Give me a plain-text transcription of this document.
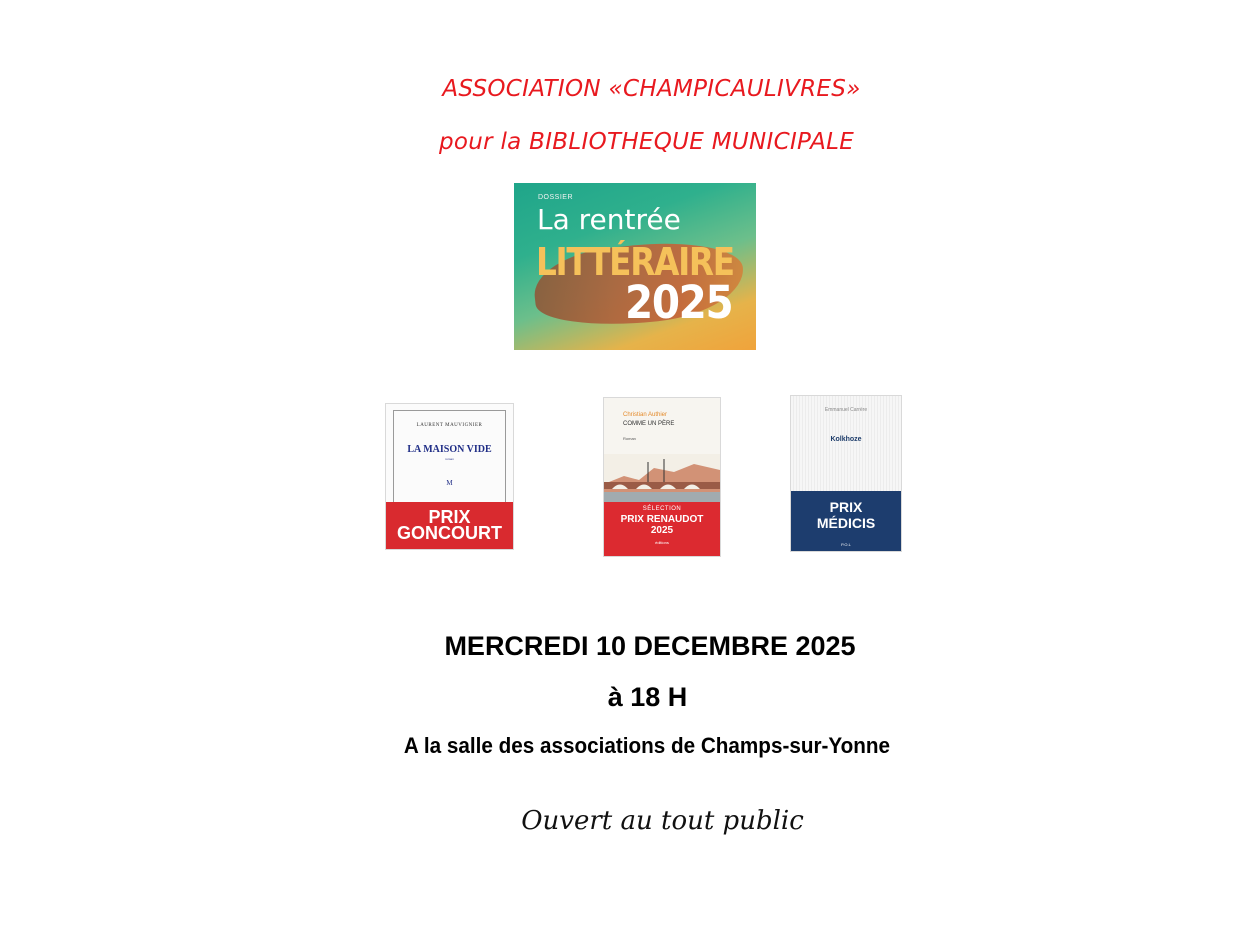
ASSOCIATION «CHAMPICAULIVRES»
pour la BIBLIOTHEQUE MUNICIPALE
DOSSIER
La rentrée
LITTÉRAIRE
2025
LAURENT MAUVIGNIER
LA MAISON VIDE
roman
M
PRIX
GONCOURT
Christian Authier
COMME UN PÈRE
Roman
SÉLECTION
PRIX RENAUDOT
2025
éditions
Emmanuel Carrère
Kolkhoze
PRIX
MÉDICIS
P.O.L
MERCREDI 10 DECEMBRE 2025
à 18 H
A la salle des associations de Champs-sur-Yonne
Ouvert au tout public
